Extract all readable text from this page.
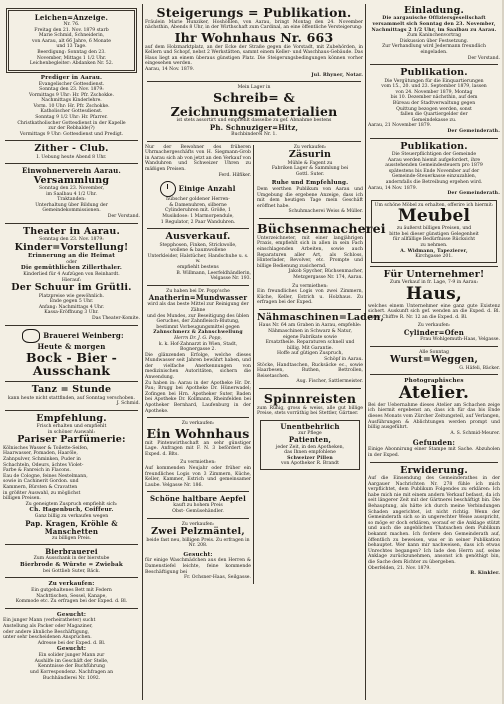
Leichen=Anzeige.

Nr. 76.

Freitag den 21. Nov. 1879 starb

Marie Schmid, Schneiderin,

von Aarau, alt 66 Jahre, 6 Monate

und 13 Tage.

Beerdigung: Sonntag den 23.

November, Mittags 1 1/2 Uhr.

Leichenbegleiter: Abdanken Nr. 52.

Prediger in Aarau.

Evangelischer Gottesdienst.

Sonntag den 23. Nov. 1879:

Vormittags 9 Uhr: Hr. Pfr. Zschokke.

Nachmittags Kinderlehre.

Vorm. 10 Uhr: Hr. Pfr. Zschokke.

Katholischer Gottesdienst.

Sonntag 9 1/2 Uhr: Hr. Pfarrer.

Christkatholischer Gottesdienst in der Kapelle

zur der Rebhalde(?)

Vormittags 9 Uhr: Gottesdienst und Predigt.

Zither - Club.

I. Uebung heute Abend 8 Uhr.

Einwohnerverein Aarau.

Versammlung

Sonntag den 23. November,

im Saalbau 4 1/2 Uhr.

Traktanden:

Unterhaltung über Bildung der

Gemeindekommissionen.

Der Vorstand.

Theater in Aarau.

Sonntag den 23. Nov. 1879:

Kinder=Vorstellung!

Erinnerung an die Heimat

oder

Die gemüthlichen Zillerthaler.

Kinderlied für 4 Aufzügen von Reinhardt.

Hierauf:

Der Schuur im Grütli.

Platzpreise wie gewöhnlich.

Ende gegen 5 Uhr.

Anfang: Nachmittags 4 Uhr.

Kassa-Eröffnung 3 Uhr.

Das Theater-Komite.

Brauerei Weinberg:

Heute & morgen

Bock - Bier - Ausschank

Tanz = Stunde

kann heute nicht stattfinden, auf Sonntag verschoben.

J. Schmid.

Empfehlung.

Frisch erhalten und empfiehlt

in schöner Auswahl:

Pariser Parfümerie:

Kölnisches Wasser & Toilette-Seifen,

Haarwasser, Pomaden, Haaröle,

Zahnpulver, Schminken, Puder in

Schachteln, Odeurs, ächtes Violet-

Farbe & Fanreich in Flacons.

Eau de Cologne, feines Nestelmann,

sowie in Cachinerit Gordon. und

Kammern, Bürsten & Cravatten

in größter Auswahl, zu möglichst

billigen Preisen.

Zu geneigtem Zuspruch empfiehlt sich:

Ch. Hagenbuch, Coiffeur.

Ganz billig zu verkaufen wegen

Pap. Kragen, Kröhle & Manschetten

zu billigen Preis.

Bierbrauerei

Zum Ausschank in der bierstube

Bierbrode & Würste = Zwiebak

bei Gottlieb Suter, Bäck.

Zu verkaufen:

Ein gutgehaltenes Bett mit Federn

Nachttischen, Sessel, Kanape,

Kommode etc. Zu erfragen bei der Exped. d. Bl.

Gesucht:

Ein junger Mann (verheiratheter) sucht

Anstellung als Packer oder Magaziner,

oder andere ähnliche Beschäftigung,

unter sehr bescheidenen Ansprüchen.

Adresse bei der Exped. d. Bl.

Gesucht:

Ein solider junger Mann zur

Aushilfe im Geschäft der Stelle,

Kenntnisse der Buchführung

und Korrespondenz. Nachfragen an

Buchhändlerei Nr. 1092.

Steigerungs = Publikation.

Fräulein Marie Hunziker, Hoshöhlen, von Aarau, bringt Montag den 24. November nächsthin, Abends 8 Uhr, in der Wirthschaft zum Cardinal, an eine öffentliche Versteigerung:

Ihr Wohnhaus Nr. 663

auf dem Holzmarktplatz, an der Ecke der Straße gegen die Vorstadt, mit Zubehörden, in Kellern und Schopf, nebst 2 Werkstätten, sammt einem Keller- und Waschhaus-Gebäude. Das Haus liegt an einem überaus günstigen Platz. Die Steigerungsbedingungen können vorher eingesehen werden.

Aarau, 14 Nov. 1879.

Jul. Rhyner, Notar.

Mein Lager in

Schreib= & Zeichnungsmaterialien

ist stets assortirt und empfiehlt dasselbe zu gef. Abnahme bestens

Ph. Schnuziger=Hitz,

Buchbinderei Nr. 1.

Nur der Bewohner des früheren Uhrmachergeschäfts von H. Siegmann-Grob in Aarau sich ab von jetzt an den Verkauf von Wanduhren und Schweizer Uhren zu mäßigen Preisen.

Ferd. Hilfiker.

Einige Anzahl

hübscher goldener Herren-

& Damenuhren, silberne

Cylinderuhren mit. Größe, 1

Musikdose: 1 Marmorpendule,

1 Regulator, 2 Paar Wanduhren.

Ausverkauf.

Stepphosen, Finken, Strickwolle,

wollene & baumwollene

Unterkleider, Halstücher, Handschuhe u. s. w.

empfiehlt bestens

B. Willmann, Leerfeldhändlerin,

Velgasse Nr. 193.

Zu haben bei Dr. Popp'sche

Anatherin=Mundwasser

wird als das beste Mittel zur Reinigung der Zähne

und des Mundes, zur Beseitigung des üblen

Geruches, der Zahnfleisch-Blutung,

bestimmt Vorbeugungsmittel gegen

Zahnschmerz & Zahnschwellung

Herrn Dr. J. G. Popp,

k. k. Hof-Zahnarzt in Wien, Stadt, Bognergasse 2.

Die glänzenden Erfolge, welche dieses Mundwasser seit Jahren bewährt haben, und der vielfache Anerkennungen von medizinischen Autoritäten, sichern die Anwendung.

Zu haben in: Aarau in der Apotheke Hr. Dr. Pau; Brugg bei Apotheke Dr. Hünerwadel; Zofingen bei Hrn. Apotheker Suter, Baden bei Apotheke Dr. Kollmann, Rheinfelden bei Apotheker Bernhard, Laufenburg in der Apotheke.

Zu verkaufen:

Ein Wohnhaus

mit Pintenwirthschaft an sehr günstiger Lage. Anfragen mit F. N. 3 befördert die Exped. d. Blts.

Zu vermiethen:

Auf kommenden Neujahr oder früher ein freundliches Logis von 3 Zimmern, Küche, Keller, Kammer, Estrich und gemeinsamer Laube. Velgasse Nr. 186.

Schöne haltbare Aepfel

kauft zu hohem Preis

Obst- Gemüsehändler.

Zu verkaufen:

Zwei Pelzmäntel,

beide fast neu, billigen Preis. Zu erfragen in Nr. 208.

Gesucht:

für einige Waschmädchen aus den Herren & Damenstiefel leichte, feine kommende Beschäftigung bei

Fr. Ochsner-Haas, Seilgasse.

Zu verkaufen:

Zäsurin

Mühle & Fagent zu

Fabriken Lager & Sammlung bei

Gottl. Suter.

Ruhe und Empfehlung.

Dem werthen Publikum von Aarau und Umgebung die ergebene Anzeige, dass ich mit dem heutigen Tage mein Geschäft eröffnet habe.

Schuhmacherei Weiss & Müller.

Büchsenmacherei

Unterzeichneter, mit einer langjährigen Praxis, empfiehlt sich in allen in sein Fach einschlagenden Arbeiten, sowie auch Reparaturen aller Art, als Schloss, Hinterlader, Revolver, etc. Prompte und billige Bedienung zusichernd.

Jakob Spycher, Büchsenmacher,

Metzgergasse Nr. 174, Aarau.

Zu vermiethen:

Ein freundliches Logis von zwei Zimmern, Küche, Keller, Estrich u. Holzhaus. Zu erfragen bei der Exped.

Nähmaschinen=Laden,

Haus Nr. 64 am Graben in Aarau, empfehle:

Nähmaschinen in Schwarz & Natur,

eigene Fabrikate sowie

Ersatztheile. Reparaturen schnell und

billig. Mit Garantie.

Hoffe auf gütigen Zuspruch,

Schöpf in Aarau.

Stöcke, Handtaschen, Rucksäcke ec., sowie Haarbesen, Ruthen, Bettrollen, Reisetaschen.

Aug. Fischer, Sattlermeister.

Spinnreisten

zum Ruhig, gross & weiss, alle gut billige Preise, stets vorräthig bei Stettler, Gärtner.

Unentbehrlich

zur Pflege

Patienten,

jeder Zeit, in den Apotheken,

das Ihnen empfohlene

Schweizer Pillen

von Apotheker R. Brandt

Einladung.

Die aargauische Offiziersgesellschaft

versammelt sich Sonntag den 23. November,

Nachmittags 2 1/2 Uhr, im Saalbau zu Aarau.

Zum Kaninchenvortrag

Diskussion über Festsetzung.

Zur Verhandlung wird Jedermann freundlich eingeladen.

Der Vorstand.

Publikation.

Die Vergütungen für die Einquartierungen

vom 15., 20. und 23. September 1879, lassen

von 24. November 1879, Montag

bis 10. Dezember nächsthin, auf dem

Büreau der Stadtverwaltung gegen

Quittung bezogen werden, sonst

fallen die Quartiergelder der

Gemeindekasse zu.

Aarau, 21 November 1879.

Der Gemeinderath.

Publikation.

Die Steuerpflichtigen der Gemeinde

Aarau werden hiemit aufgefordert, ihre

ausstehenden Gemeindesteuern pro 1879

spätestens bis Ende November auf der

Gemeinde-Steuerkasse einzuzahlen,

andernfalls die Betreibung ergehen wird.

Aarau, 14 Nov. 1879.

Der Gemeinderath.

Um schöne Möbel zu erhalten, offerire ich hiermit:

Meubel

zu äußerst billigen Preisen, und

bitte bei dieser günstigen Gelegenheit

für allfällige Bedürfnisse Rücksicht

zu nehmen.

A. Widmann, Tapezierer,

Kirchgasse 201.

Für Unternehmer!

Zum Verkauf in fr. Lage, 7-9 in Aarau:

Haus,

welches einem Unternehmer eine ganz gute Existenz sichert. Auskunft sich gef. wenden an die Exped. d. Bl. unter Chiffre R. Nr. 12 an die Exped. d. Bl.

Zu verkaufen:

Cylinder=Ofen

Frau Wohlgemuth-Haas, Velgasse.

Alle Sonntag

Wurst=Weggen,

G. Häfeli, Bäcker.

Photographisches

Atelier.

Bei der Uebernahme dieses Atelier am Schachen zeige ich hiermit ergebenst an, dass ich für das bis Ende dieses Monats vom Zürcher Zeitungsteil, auf Verlangen, Ausführungen & Ablichtungen werden prompt und billig ausgeführt.

A. S. Schmid-Meurer.

Gefunden:

Einige Abonnirung einer Stampe mit Sache. Abzuholen in der Exped.

Erwiderung.

Auf die Einsendung des Gemeinderathes in der Aargauer Nachrichten Nr. 278 fühle ich mich verpflichtet, dem Publikum Folgendes zu erklären: Ich habe mich nie mit einem andern Verkauf befasst, da ich seit längerer Zeit mit der Gärtnerei beschäftigt bin. Die Behauptung, als hätte ich durch meine Verbindungen Schaden angerichtet, ist nicht richtig. Wenn der Gemeinderath sich so in ungerechter Weise ausspricht, so möge er doch erklären, worauf er die Anklage stützt und auch die angeblichen Thatsachen dem Publikum bekannt machen. Ich fordere den Gemeinderath auf, öffentlich zu beweisen, was er in seiner Publikation behauptet. Wer kann mir nachweisen, dass ich etwas Unrechtes begangen? Ich lade den Herrn auf, seine Anklage zurückzunehmen, ansonst ich genöthigt bin, die Sache dem Richter zu übergeben.

Oberfelden, 21. Nov. 1879.

B. Kinkler.
